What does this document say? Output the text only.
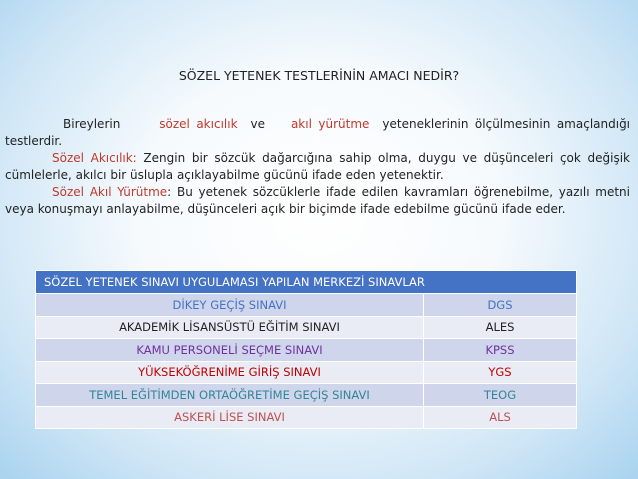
SÖZEL YETENEK TESTLERİNİN AMACI NEDİR?

Bireylerin	sözel akıcılık ve akıl yürütme yeteneklerinin ölçülmesinin amaçlandığı testlerdir.

Sözel Akıcılık: Zengin bir sözcük dağarcığına sahip olma, duygu ve düşünceleri çok değişik cümlelerle, akılcı bir üslupla açıklayabilme gücünü ifade eden yetenektir.

Sözel Akıl Yürütme: Bu yetenek sözcüklerle ifade edilen kavramları öğrenebilme, yazılı metni veya konuşmayı anlayabilme, düşünceleri açık bir biçimde ifade edebilme gücünü ifade eder.

SÖZEL YETENEK SINAVI UYGULAMASI YAPILAN MERKEZİ SINAVLAR	
DİKEY GEÇİŞ SINAVI	DGS
AKADEMİK LİSANSÜSTÜ EĞİTİM SINAVI	ALES
KAMU PERSONELİ SEÇME SINAVI	KPSS
YÜKSEKÖĞRENİME GİRİŞ SINAVI	YGS
TEMEL EĞİTİMDEN ORTAÖĞRETİME GEÇİŞ SINAVI	TEOG
ASKERİ LİSE SINAVI	ALS
